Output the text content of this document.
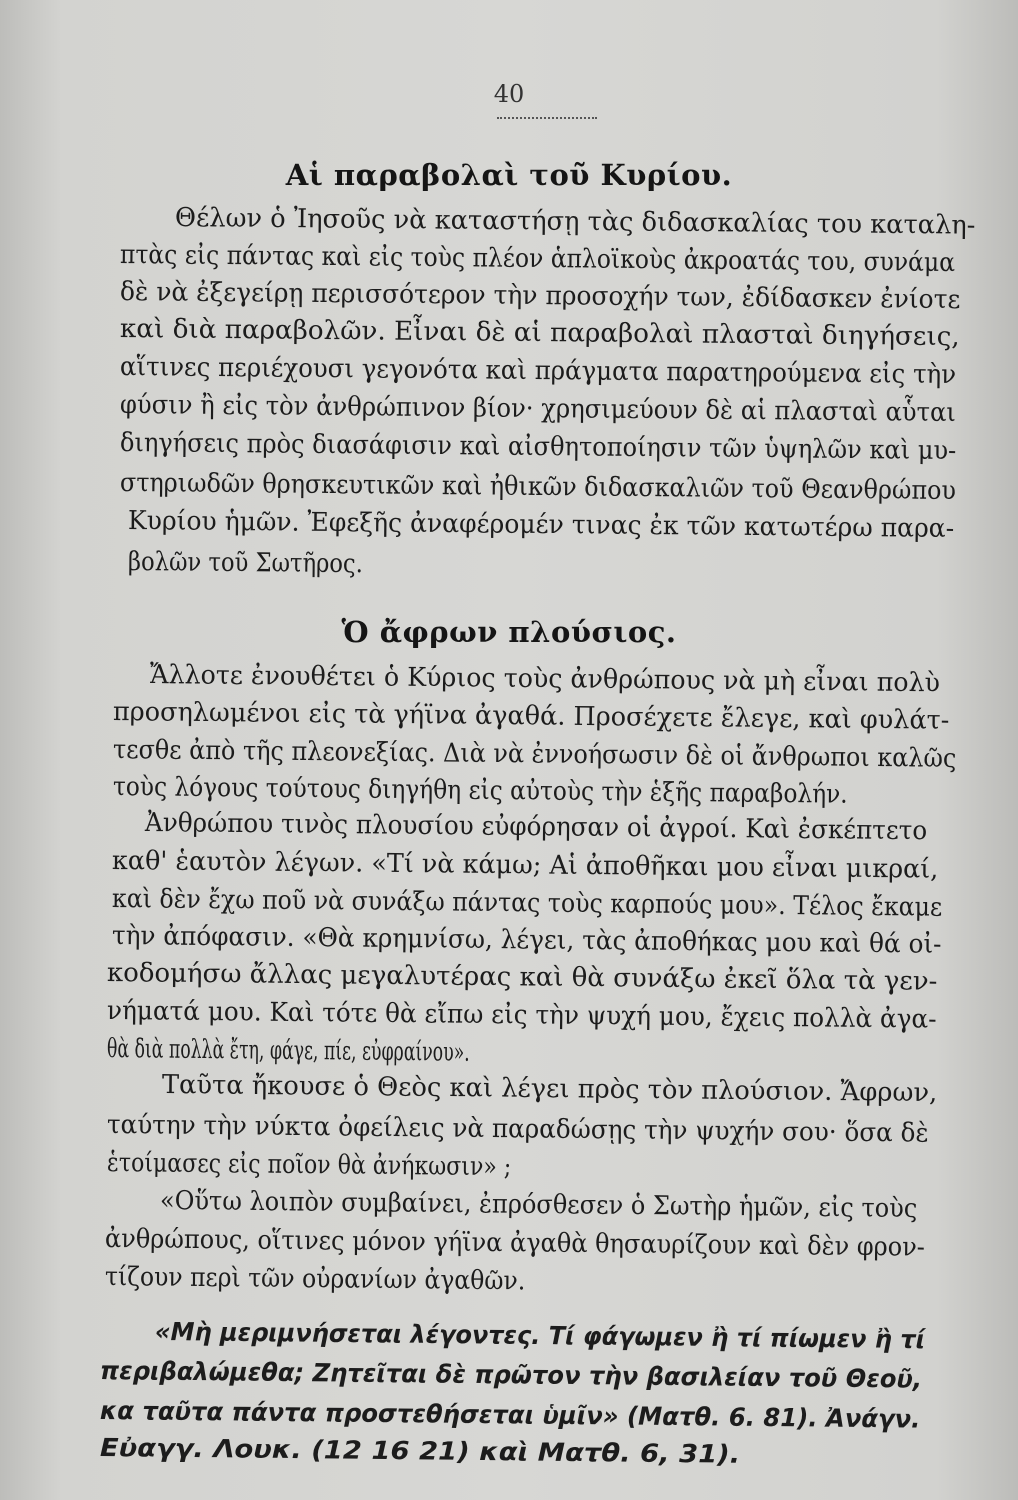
40
Αἱ παραβολαὶ τοῦ Κυρίου.
Θέλων ὁ Ἰησοῦς νὰ καταστήσῃ τὰς διδασκαλίας του καταλη-
πτὰς εἰς πάντας καὶ εἰς τοὺς πλέον ἁπλοϊκοὺς ἀκροατάς του, συνάμα
δὲ νὰ ἐξεγείρῃ περισσότερον τὴν προσοχήν των, ἐδίδασκεν ἐνίοτε
καὶ διὰ παραβολῶν. Εἶναι δὲ αἱ παραβολαὶ πλασταὶ διηγήσεις,
αἵτινες περιέχουσι γεγονότα καὶ πράγματα παρατηρούμενα εἰς τὴν
φύσιν ἢ εἰς τὸν ἀνθρώπινον βίον· χρησιμεύουν δὲ αἱ πλασταὶ αὗται
διηγήσεις πρὸς διασάφισιν καὶ αἰσθητοποίησιν τῶν ὑψηλῶν καὶ μυ-
στηριωδῶν θρησκευτικῶν καὶ ἠθικῶν διδασκαλιῶν τοῦ Θεανθρώπου
Κυρίου ἡμῶν. Ἐφεξῆς ἀναφέρομέν τινας ἐκ τῶν κατωτέρω παρα-
βολῶν τοῦ Σωτῆρος.
Ὁ ἄφρων πλούσιος.
Ἄλλοτε ἐνουθέτει ὁ Κύριος τοὺς ἀνθρώπους νὰ μὴ εἶναι πολὺ
προσηλωμένοι εἰς τὰ γήϊνα ἀγαθά. Προσέχετε ἔλεγε, καὶ φυλάτ-
τεσθε ἀπὸ τῆς πλεονεξίας. Διὰ νὰ ἐννοήσωσιν δὲ οἱ ἄνθρωποι καλῶς
τοὺς λόγους τούτους διηγήθη εἰς αὐτοὺς τὴν ἑξῆς παραβολήν.
Ἀνθρώπου τινὸς πλουσίου εὐφόρησαν οἱ ἀγροί. Καὶ ἐσκέπτετο
καθ' ἑαυτὸν λέγων. «Τί νὰ κάμω; Αἱ ἀποθῆκαι μου εἶναι μικραί,
καὶ δὲν ἔχω ποῦ νὰ συνάξω πάντας τοὺς καρπούς μου». Τέλος ἔκαμε
τὴν ἀπόφασιν. «Θὰ κρημνίσω, λέγει, τὰς ἀποθήκας μου καὶ θά οἰ-
κοδομήσω ἄλλας μεγαλυτέρας καὶ θὰ συνάξω ἐκεῖ ὅλα τὰ γεν-
νήματά μου. Καὶ τότε θὰ εἴπω εἰς τὴν ψυχή μου, ἔχεις πολλὰ ἀγα-
θὰ διὰ πολλὰ ἔτη, φάγε, πίε, εὐφραίνου».
Ταῦτα ἤκουσε ὁ Θεὸς καὶ λέγει πρὸς τὸν πλούσιον. Ἄφρων,
ταύτην τὴν νύκτα ὀφείλεις νὰ παραδώσῃς τὴν ψυχήν σου· ὅσα δὲ
ἑτοίμασες εἰς ποῖον θὰ ἀνήκωσιν» ;
«Οὕτω λοιπὸν συμβαίνει, ἐπρόσθεσεν ὁ Σωτὴρ ἡμῶν, εἰς τοὺς
ἀνθρώπους, οἵτινες μόνον γήϊνα ἀγαθὰ θησαυρίζουν καὶ δὲν φρον-
τίζουν περὶ τῶν οὐρανίων ἀγαθῶν.
«Μὴ μεριμνήσεται λέγοντες. Τί φάγωμεν ἢ τί πίωμεν ἢ τί
περιβαλώμεθα; Ζητεῖται δὲ πρῶτον τὴν βασιλείαν τοῦ Θεοῦ,
κα ταῦτα πάντα προστεθήσεται ὑμῖν» (Ματθ. 6. 81). Ἀνάγν.
Εὐαγγ. Λουκ. (12 16 21) καὶ Ματθ. 6, 31).
